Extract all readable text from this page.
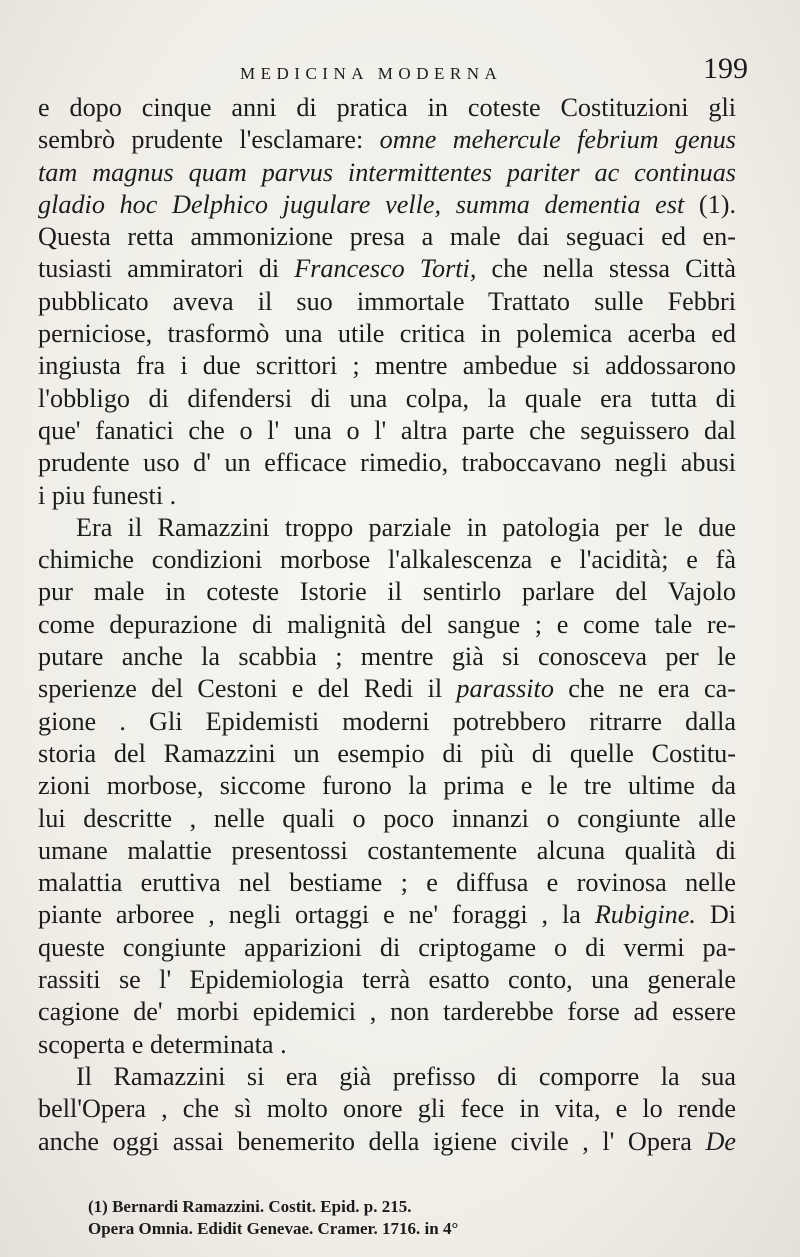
MEDICINA MODERNA	199
e dopo cinque anni di pratica in coteste Costituzioni gli
sembrò prudente l'esclamare: omne mehercule febrium genus
tam magnus quam parvus intermittentes pariter ac continuas
gladio hoc Delphico jugulare velle, summa dementia est (1).
Questa retta ammonizione presa a male dai seguaci ed en-
tusiasti ammiratori di Francesco Torti, che nella stessa Città
pubblicato aveva il suo immortale Trattato sulle Febbri
perniciose, trasformò una utile critica in polemica acerba ed
ingiusta fra i due scrittori ; mentre ambedue si addossarono
l'obbligo di difendersi di una colpa, la quale era tutta di
que' fanatici che o l' una o l' altra parte che seguissero dal
prudente uso d' un efficace rimedio, traboccavano negli abusi
i piu funesti .
Era il Ramazzini troppo parziale in patologia per le due
chimiche condizioni morbose l'alkalescenza e l'acidità; e fà
pur male in coteste Istorie il sentirlo parlare del Vajolo
come depurazione di malignità del sangue ; e come tale re-
putare anche la scabbia ; mentre già si conosceva per le
sperienze del Cestoni e del Redi il parassito che ne era ca-
gione . Gli Epidemisti moderni potrebbero ritrarre dalla
storia del Ramazzini un esempio di più di quelle Costitu-
zioni morbose, siccome furono la prima e le tre ultime da
lui descritte , nelle quali o poco innanzi o congiunte alle
umane malattie presentossi costantemente alcuna qualità di
malattia eruttiva nel bestiame ; e diffusa e rovinosa nelle
piante arboree , negli ortaggi e ne' foraggi , la Rubigine. Di
queste congiunte apparizioni di criptogame o di vermi pa-
rassiti se l' Epidemiologia terrà esatto conto, una generale
cagione de' morbi epidemici , non tarderebbe forse ad essere
scoperta e determinata .
Il Ramazzini si era già prefisso di comporre la sua
bell'Opera , che sì molto onore gli fece in vita, e lo rende
anche oggi assai benemerito della igiene civile , l' Opera De
(1) Bernardi Ramazzini. Costit. Epid. p. 215.
Opera Omnia. Edidit Genevae. Cramer. 1716. in 4°
